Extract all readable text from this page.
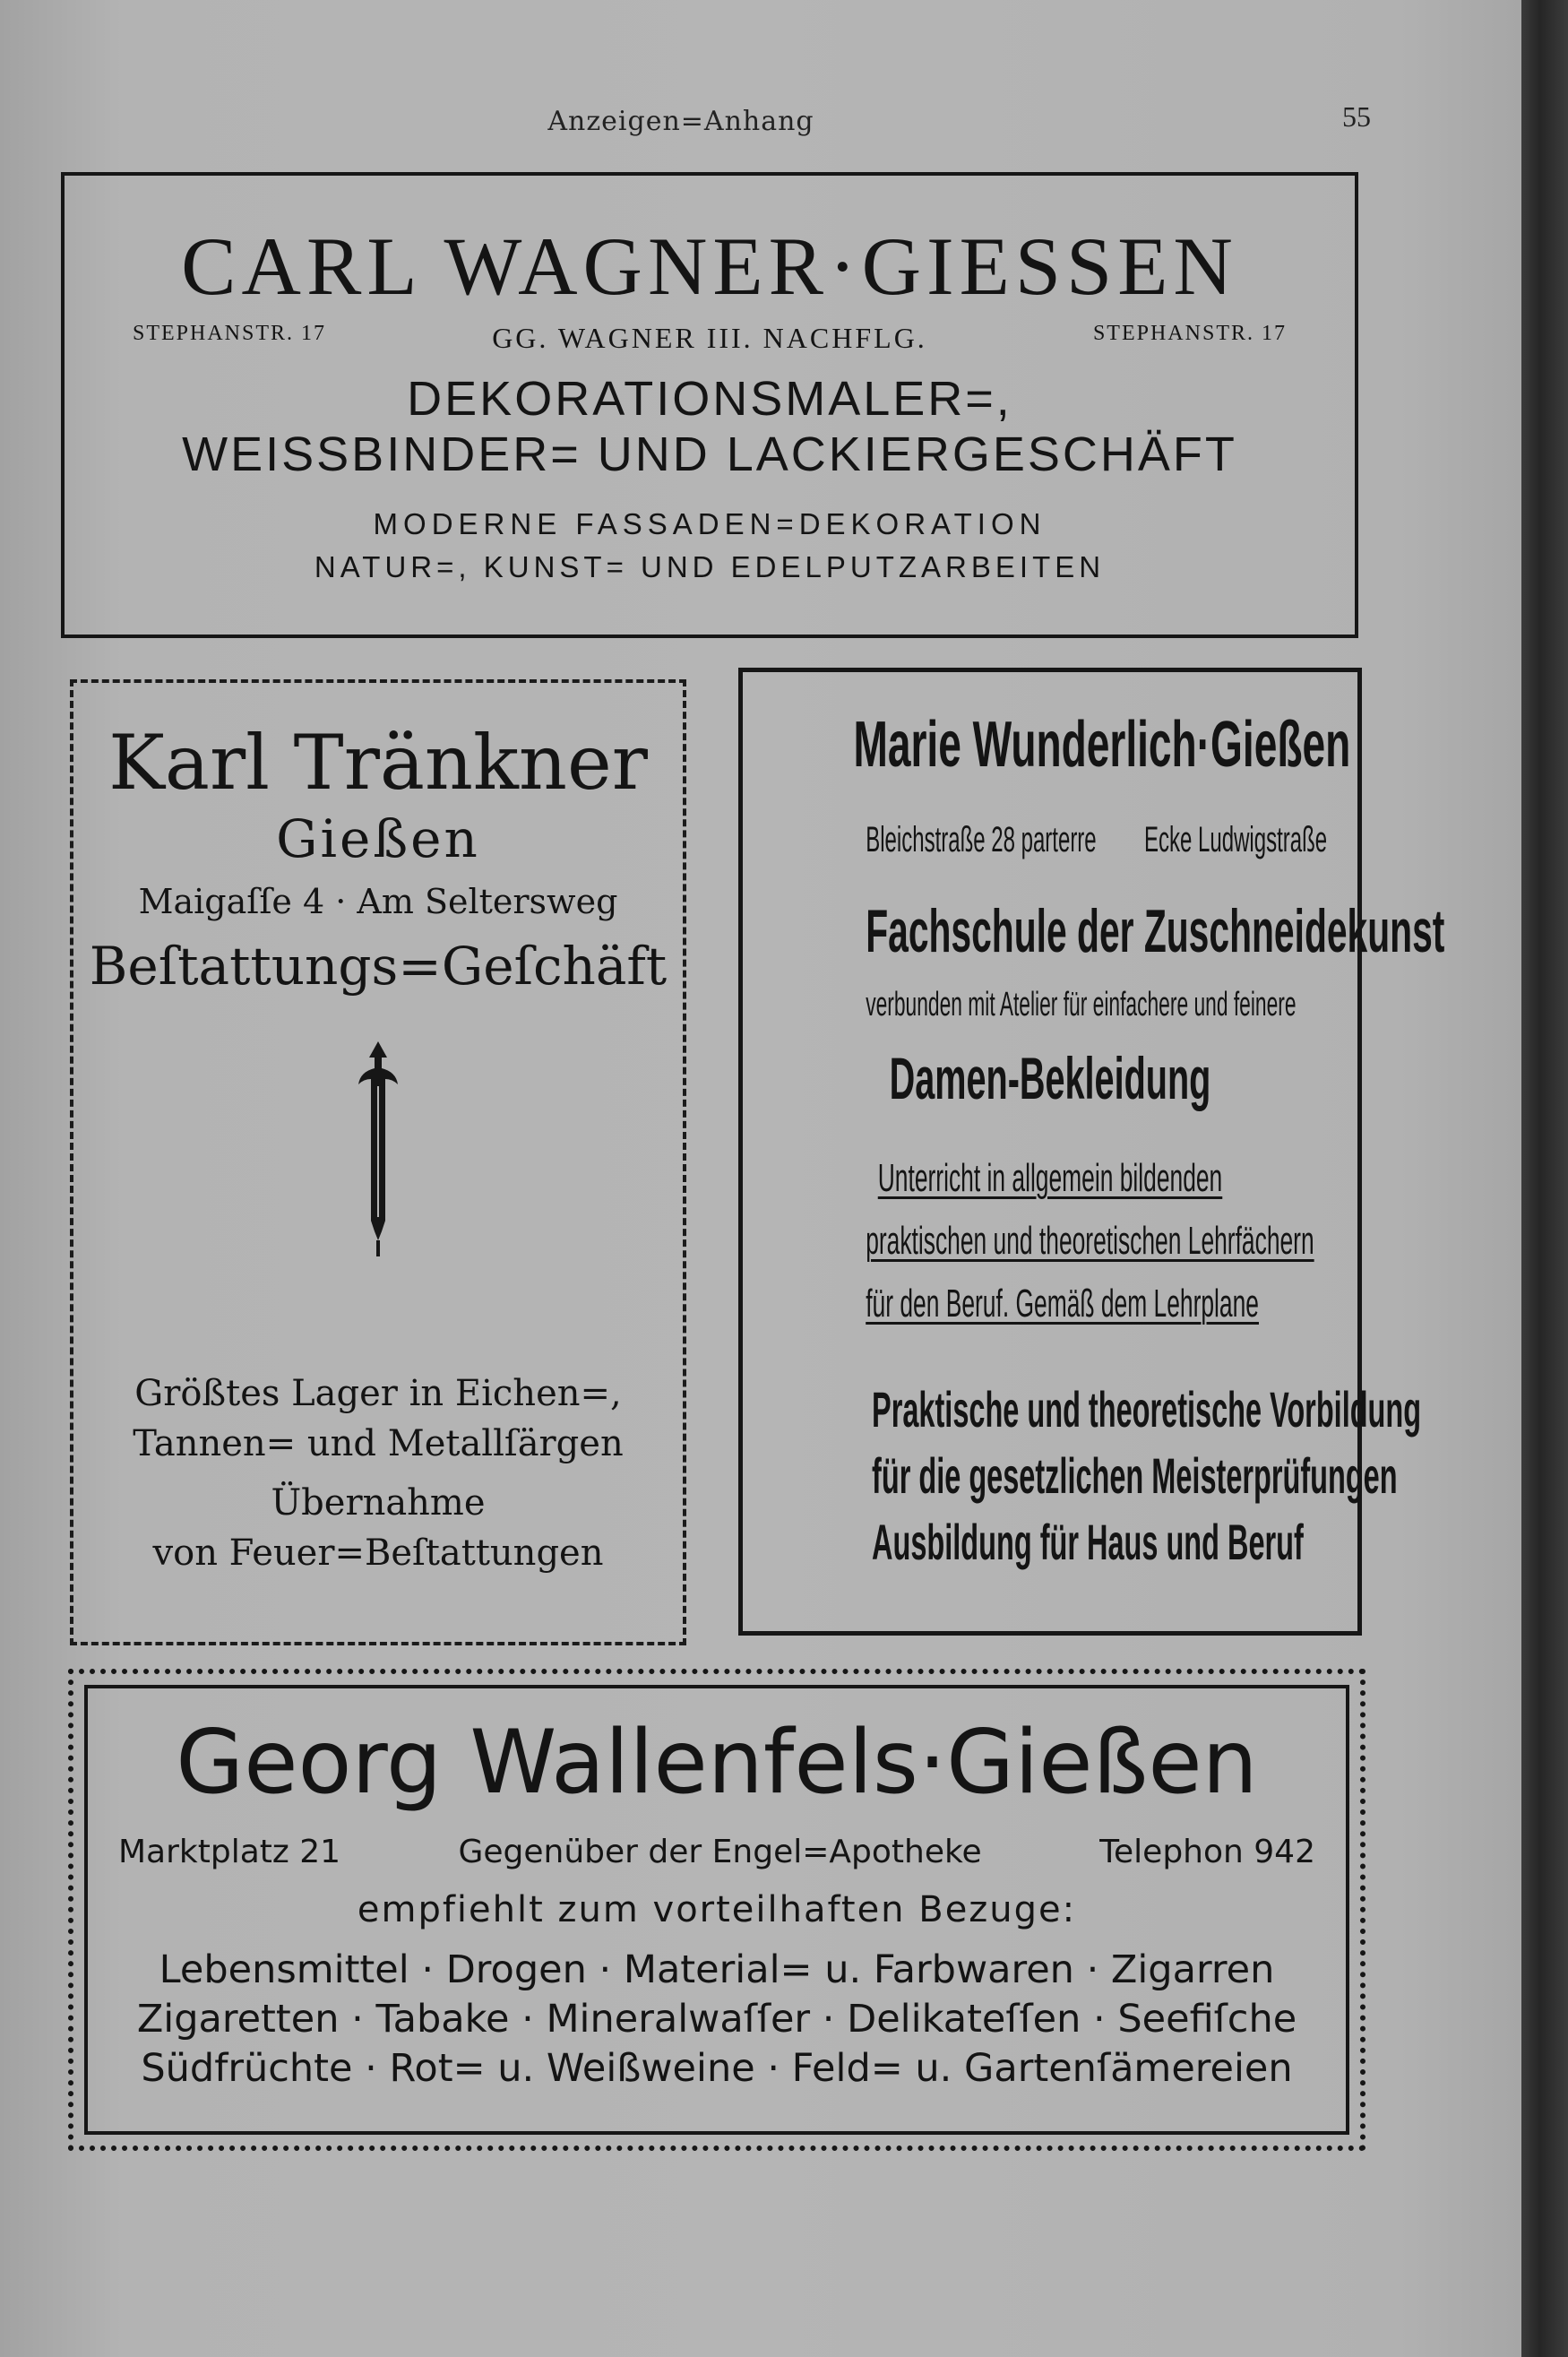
Anzeigen=Anhang	55
CARL WAGNER·GIESSEN
STEPHANSTR. 17	GG. WAGNER III. NACHFLG.	STEPHANSTR. 17
DEKORATIONSMALER=,
WEISSBINDER= UND LACKIERGESCHÄFT
MODERNE FASSADEN=DEKORATION
NATUR=, KUNST= UND EDELPUTZARBEITEN
Karl Tränkner
Gießen
Maigaſſe 4 · Am Seltersweg
Beſtattungs=Geſchäft
Größtes Lager in Eichen=,
Tannen= und Metallſärgen
Übernahme
von Feuer=Beſtattungen
Marie Wunderlich·Gießen
Bleichstraße 28 parterre Ecke Ludwigstraße
Fachschule der Zuschneidekunst
verbunden mit Atelier für einfachere und feinere
Damen-Bekleidung
Unterricht in allgemein bildenden
praktischen und theoretischen Lehrfächern
für den Beruf. Gemäß dem Lehrplane
Praktische und theoretische Vorbildung
für die gesetzlichen Meisterprüfungen
Ausbildung für Haus und Beruf
Georg Wallenfels·Gießen
Marktplatz 21	Gegenüber der Engel=Apotheke	Telephon 942
empfiehlt zum vorteilhaften Bezuge:
Lebensmittel · Drogen · Material= u. Farbwaren · Zigarren
Zigaretten · Tabake · Mineralwaſſer · Delikateſſen · Seefiſche
Südfrüchte · Rot= u. Weißweine · Feld= u. Gartenſämereien
